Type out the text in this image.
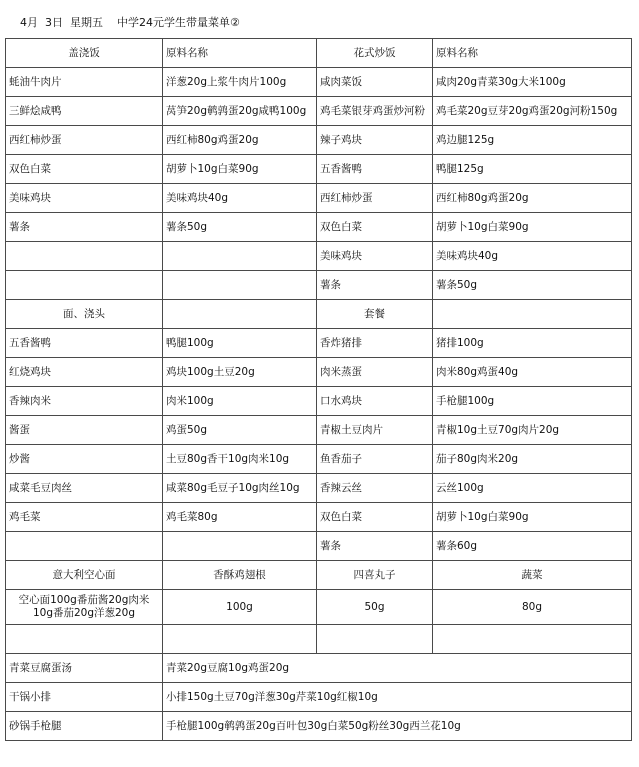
4月  3日  星期五    中学24元学生带量菜单②
盖浇饭	原料名称	花式炒饭	原料名称
蚝油牛肉片	洋葱20g上浆牛肉片100g	咸肉菜饭	咸肉20g青菜30g大米100g
三鲜烩咸鸭	莴笋20g鹌鹑蛋20g咸鸭100g	鸡毛菜银芽鸡蛋炒河粉	鸡毛菜20g豆芽20g鸡蛋20g河粉150g
西红柿炒蛋	西红柿80g鸡蛋20g	辣子鸡块	鸡边腿125g
双色白菜	胡萝卜10g白菜90g	五香酱鸭	鸭腿125g
美味鸡块	美味鸡块40g	西红柿炒蛋	西红柿80g鸡蛋20g
薯条	薯条50g	双色白菜	胡萝卜10g白菜90g
		美味鸡块	美味鸡块40g
		薯条	薯条50g
面、浇头		套餐	
五香酱鸭	鸭腿100g	香炸猪排	猪排100g
红烧鸡块	鸡块100g土豆20g	肉米蒸蛋	肉米80g鸡蛋40g
香辣肉米	肉米100g	口水鸡块	手枪腿100g
酱蛋	鸡蛋50g	青椒土豆肉片	青椒10g土豆70g肉片20g
炒酱	土豆80g香干10g肉米10g	鱼香茄子	茄子80g肉米20g
咸菜毛豆肉丝	咸菜80g毛豆子10g肉丝10g	香辣云丝	云丝100g
鸡毛菜	鸡毛菜80g	双色白菜	胡萝卜10g白菜90g
		薯条	薯条60g
意大利空心面	香酥鸡翅根	四喜丸子	蔬菜
空心面100g番茄酱20g肉米10g番茄20g洋葱20g	100g	50g	80g

青菜豆腐蛋汤	青菜20g豆腐10g鸡蛋20g		
干锅小排	小排150g土豆70g洋葱30g芹菜10g红椒10g		
砂锅手枪腿	手枪腿100g鹌鹑蛋20g百叶包30g白菜50g粉丝30g西兰花10g		
